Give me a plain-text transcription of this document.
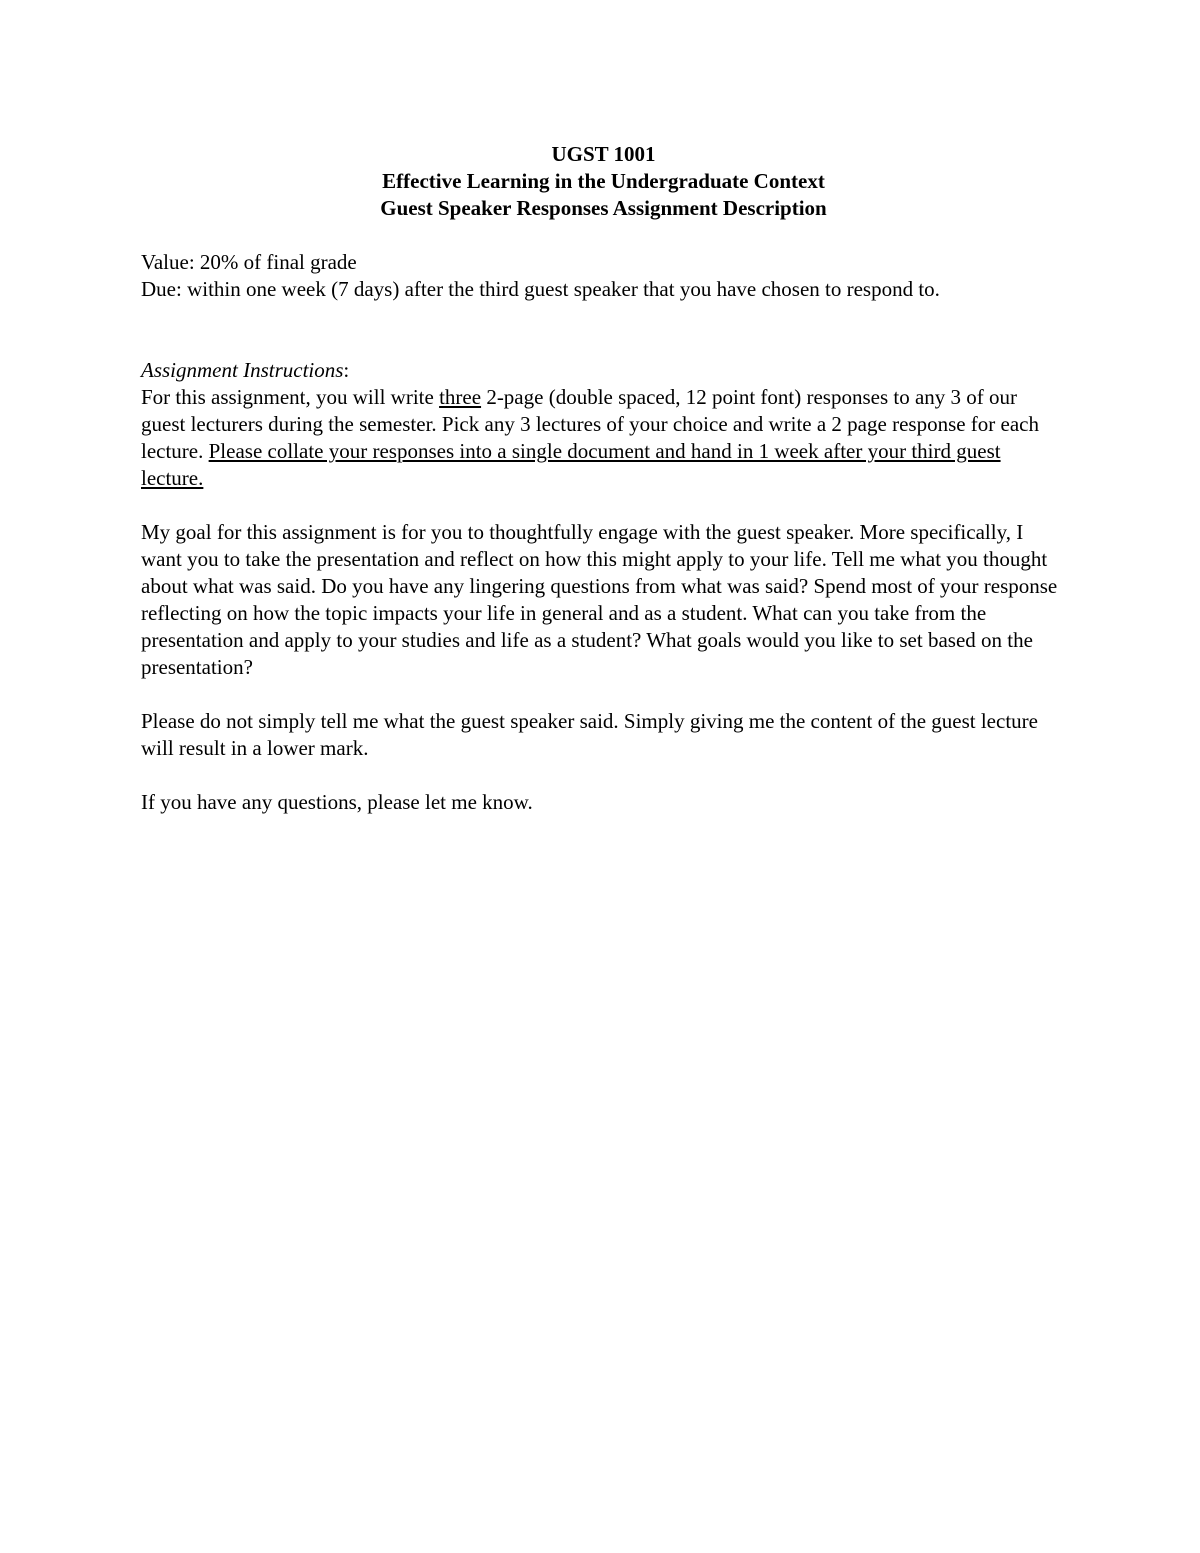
UGST 1001
Effective Learning in the Undergraduate Context
Guest Speaker Responses Assignment Description
Value: 20% of final grade
Due: within one week (7 days) after the third guest speaker that you have chosen to respond to.
Assignment Instructions:

For this assignment, you will write three 2-page (double spaced, 12 point font) responses to any 3 of our guest lecturers during the semester. Pick any 3 lectures of your choice and write a 2 page response for each lecture. Please collate your responses into a single document and hand in 1 week after your third guest lecture.

My goal for this assignment is for you to thoughtfully engage with the guest speaker. More specifically, I want you to take the presentation and reflect on how this might apply to your life. Tell me what you thought about what was said. Do you have any lingering questions from what was said? Spend most of your response reflecting on how the topic impacts your life in general and as a student. What can you take from the presentation and apply to your studies and life as a student? What goals would you like to set based on the presentation?

Please do not simply tell me what the guest speaker said. Simply giving me the content of the guest lecture will result in a lower mark.

If you have any questions, please let me know.
